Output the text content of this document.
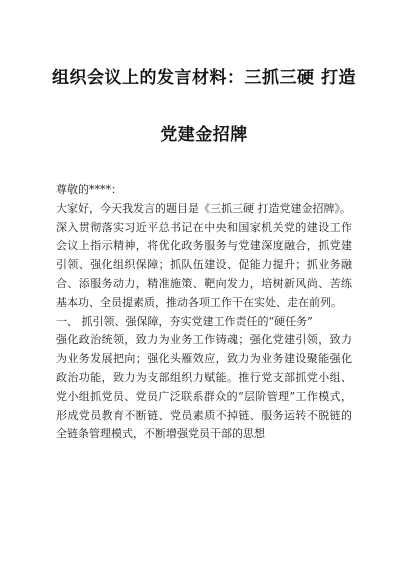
组织会议上的发言材料：三抓三硬 打造
党建金招牌

尊敬的****：

大家好，今天我发言的题目是《三抓三硬 打造党建金招牌》。

深入贯彻落实习近平总书记在中央和国家机关党的建设工作会议上指示精神，将优化政务服务与党建深度融合，抓党建引领、强化组织保障；抓队伍建设、促能力提升；抓业务融合、添服务动力，精准施策、靶向发力，培树新风尚、苦练基本功、全员提素质，推动各项工作干在实处、走在前列。

一、 抓引领、强保障，夯实党建工作责任的“硬任务”

强化政治统领，致力为业务工作铸魂；强化党建引领，致力为业务发展把向；强化头雁效应，致力为业务建设聚能强化政治功能，致力为支部组织力赋能。推行党支部抓党小组、党小组抓党员、党员广泛联系群众的“层阶管理”工作模式，形成党员教育不断链、党员素质不掉链、服务运转不脱链的全链条管理模式，不断增强党员干部的思想
